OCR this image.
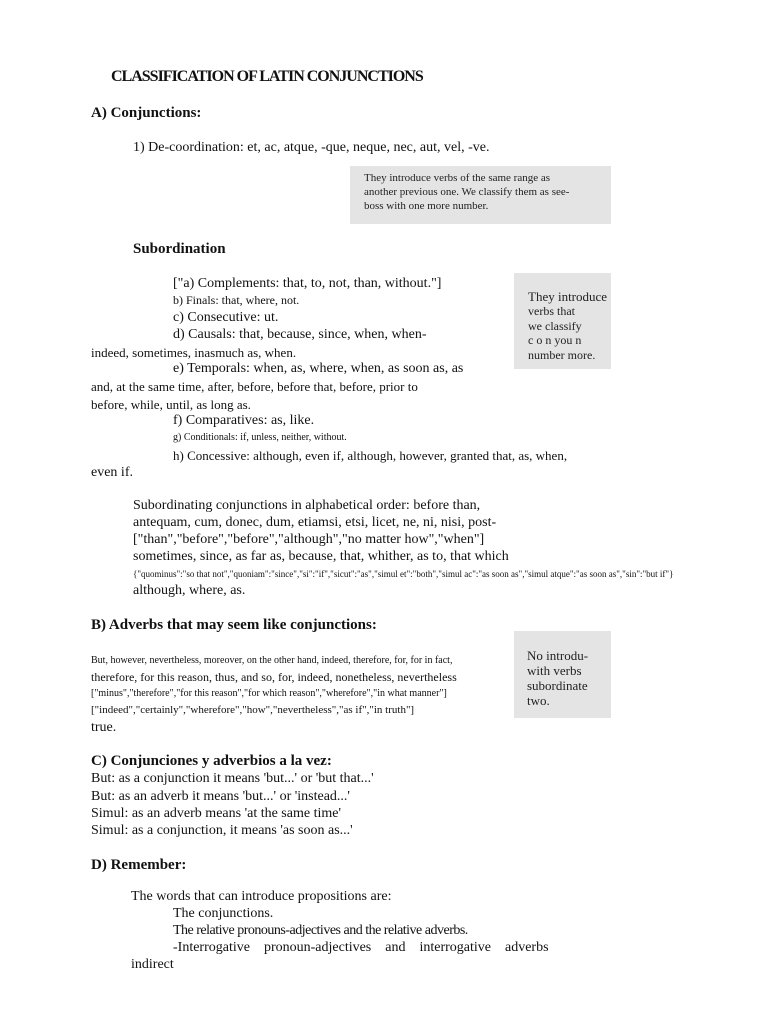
CLASSIFICATION OF LATIN CONJUNCTIONS
A) Conjunctions:
1) De-coordination: et, ac, atque, -que, neque, nec, aut, vel, -ve.
They introduce verbs of the same range as
another previous one. We classify them as see-
boss with one more number.
Subordination
["a) Complements: that, to, not, than, without."]
b) Finals: that, where, not.
c) Consecutive: ut.
d) Causals: that, because, since, when, when-
indeed, sometimes, inasmuch as, when.
e) Temporals: when, as, where, when, as soon as, as
and, at the same time, after, before, before that, before, prior to
before, while, until, as long as.
f) Comparatives: as, like.
g) Conditionals: if, unless, neither, without.
h) Concessive: although, even if, although, however, granted that, as, when,
even if.
They introduce
verbs that
we classify
c o n you n
number more.
Subordinating conjunctions in alphabetical order: before than,
antequam, cum, donec, dum, etiamsi, etsi, licet, ne, ni, nisi, post-
["than","before","before","although","no matter how","when"]
sometimes, since, as far as, because, that, whither, as to, that which
{"quominus":"so that not","quoniam":"since","si":"if","sicut":"as","simul et":"both","simul ac":"as soon as","simul atque":"as soon as","sin":"but if"}
although, where, as.
B) Adverbs that may seem like conjunctions:
But, however, nevertheless, moreover, on the other hand, indeed, therefore, for, for in fact,
therefore, for this reason, thus, and so, for, indeed, nonetheless, nevertheless
["minus","therefore","for this reason","for which reason","wherefore","in what manner"]
["indeed","certainly","wherefore","how","nevertheless","as if","in truth"]
true.
No introdu-
with verbs
subordinate
two.
C) Conjunciones y adverbios a la vez:
But: as a conjunction it means 'but...' or 'but that...'
But: as an adverb it means 'but...' or 'instead...'
Simul: as an adverb means 'at the same time'
Simul: as a conjunction, it means 'as soon as...'
D) Remember:
The words that can introduce propositions are:
The conjunctions.
The relative pronouns-adjectives and the relative adverbs.
-Interrogative    pronoun-adjectives    and    interrogative    adverbs
indirect
